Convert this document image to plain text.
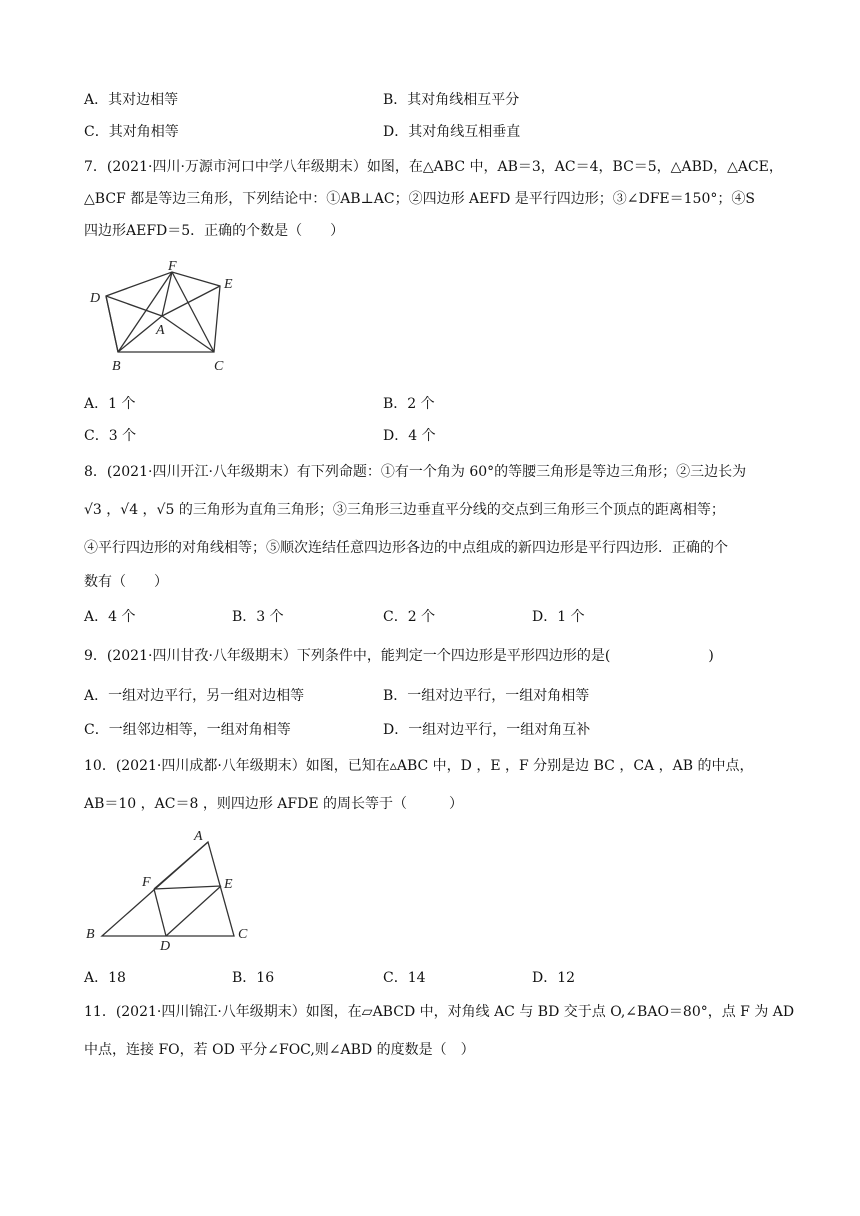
A．其对边相等	B．其对角线相互平分
C．其对角相等	D．其对角线互相垂直
7．(2021·四川·万源市河口中学八年级期末）如图，在△ABC 中，AB＝3，AC＝4，BC＝5，△ABD，△ACE，
△BCF 都是等边三角形，下列结论中：①AB⊥AC；②四边形 AEFD 是平行四边形；③∠DFE＝150°；④S
四边形AEFD＝5．正确的个数是（　　）
F
E
D
A
B	C
A．1 个	B．2 个
C．3 个	D．4 个
8．(2021·四川开江·八年级期末）有下列命题：①有一个角为 60°的等腰三角形是等边三角形；②三边长为
√3 ，√4 ，√5 的三角形为直角三角形；③三角形三边垂直平分线的交点到三角形三个顶点的距离相等；
④平行四边形的对角线相等；⑤顺次连结任意四边形各边的中点组成的新四边形是平行四边形．正确的个
数有（　　）
A．4 个	B．3 个	C．2 个	D．1 个
9．(2021·四川甘孜·八年级期末）下列条件中，能判定一个四边形是平形四边形的是(　　　　　　　)
A．一组对边平行，另一组对边相等	B．一组对边平行，一组对角相等
C．一组邻边相等，一组对角相等	D．一组对边平行，一组对角互补
10．(2021·四川成都·八年级期末）如图，已知在▵ABC 中，D ，E ，F 分别是边 BC ，CA ，AB 的中点，
AB＝10 ，AC＝8 ，则四边形 AFDE 的周长等于（　　　）
A
F	E
B
D
C
A．18	B．16	C．14	D．12
11．(2021·四川锦江·八年级期末）如图，在▱ABCD 中，对角线 AC 与 BD 交于点 O,∠BAO＝80°，点 F 为 AD
中点，连接 FO，若 OD 平分∠FOC,则∠ABD 的度数是（　）
